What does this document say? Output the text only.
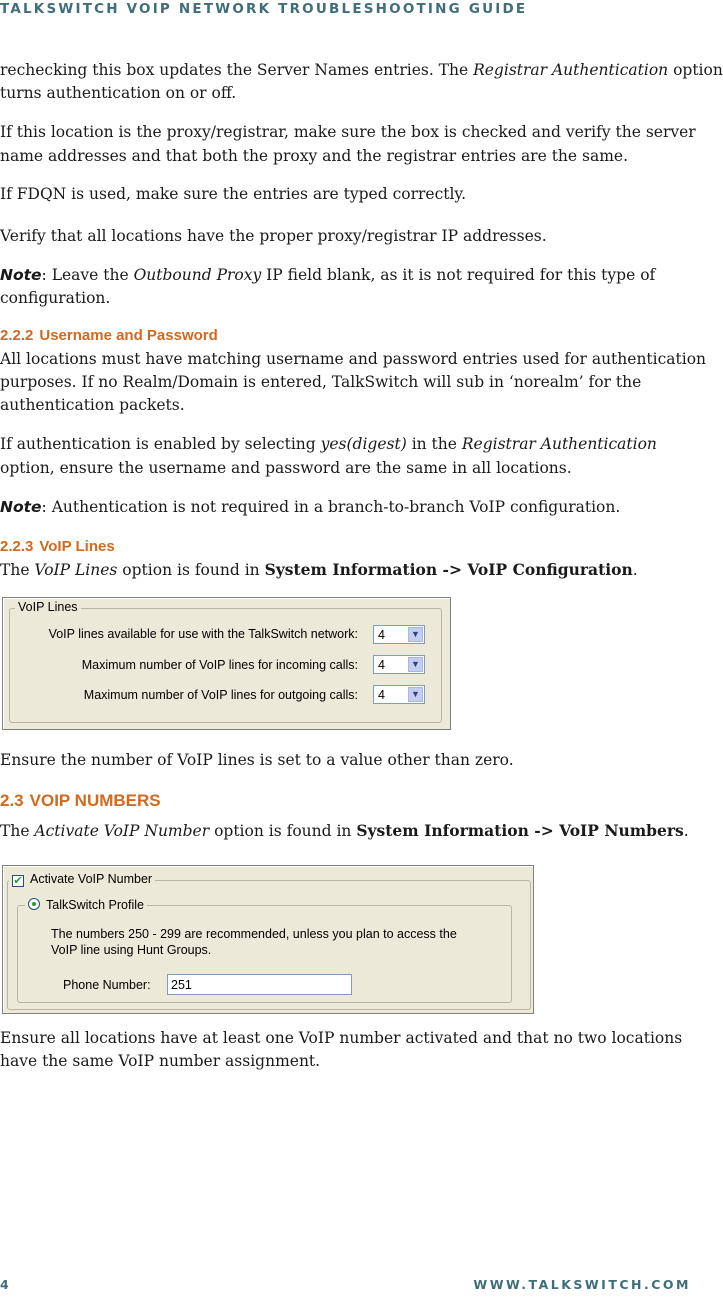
TALKSWITCH VOIP NETWORK TROUBLESHOOTING GUIDE

rechecking this box updates the Server Names entries. The Registrar Authentication option

turns authentication on or off.

If this location is the proxy/registrar, make sure the box is checked and verify the server

name addresses and that both the proxy and the registrar entries are the same.

If FDQN is used, make sure the entries are typed correctly.

Verify that all locations have the proper proxy/registrar IP addresses.

Note: Leave the Outbound Proxy IP field blank, as it is not required for this type of

configuration.

2.2.2 Username and Password

All locations must have matching username and password entries used for authentication

purposes. If no Realm/Domain is entered, TalkSwitch will sub in ‘norealm’ for the

authentication packets.

If authentication is enabled by selecting yes(digest) in the Registrar Authentication

option, ensure the username and password are the same in all locations.

Note: Authentication is not required in a branch-to-branch VoIP configuration.

2.2.3 VoIP Lines

The VoIP Lines option is found in System Information -> VoIP Configuration.

VoIP Lines
VoIP lines available for use with the TalkSwitch network: 4	▼
Maximum number of VoIP lines for incoming calls: 4	▼
Maximum number of VoIP lines for outgoing calls: 4	▼

Ensure the number of VoIP lines is set to a value other than zero.

2.3 VOIP NUMBERS

The Activate VoIP Number option is found in System Information -> VoIP Numbers.

✔ Activate VoIP Number
TalkSwitch Profile
The numbers 250 - 299 are recommended, unless you plan to access the
VoIP line using Hunt Groups.
Phone Number: 251

Ensure all locations have at least one VoIP number activated and that no two locations

have the same VoIP number assignment.

4	WWW.TALKSWITCH.COM
